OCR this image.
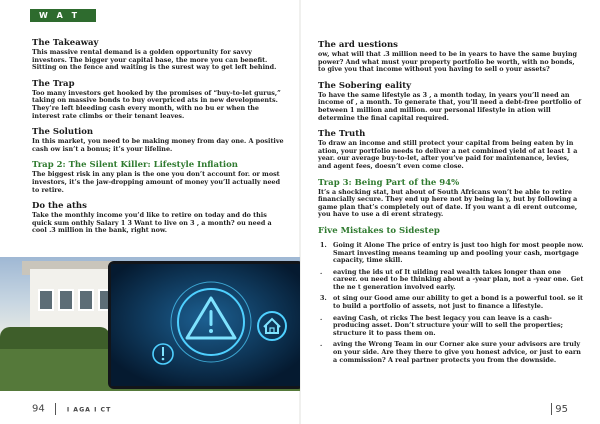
W A T
The Takeaway

This massive rental demand is a golden opportunity for savvy investors. The bigger your capital base, the more you can benefit. Sitting on the fence and waiting is the surest way to get left behind.

The Trap

Too many investors get hooked by the promises of “buy-to-let gurus,” taking on massive bonds to buy overpriced ats in new developments. They’re left bleeding cash every month, with no bu er when the interest rate climbs or their tenant leaves.

The Solution

In this market, you need to be making money from day one. A positive cash ow isn’t a bonus; it’s your lifeline.

Trap 2: The Silent Killer: Lifestyle Inflation

The biggest risk in any plan is the one you don’t account for. or most investors, it’s the jaw-dropping amount of money you’ll actually need to retire.

Do the aths

Take the monthly income you’d like to retire on today and do this quick sum onthly Salary 1 3 Want to live on 3 , a month? ou need a cool .3 million in the bank, right now.

94	I AGA I CT
The ard uestions

ow, what will that .3 million need to be in years to have the same buying power? And what must your property portfolio be worth, with no bonds, to give you that income without you having to sell o your assets?

The Sobering eality

To have the same lifestyle as 3 , a month today, in years you’ll need an income of , a month. To generate that, you’ll need a debt-free portfolio of between 1 million and million. our personal lifestyle in ation will determine the final capital required.

The Truth

To draw an income and still protect your capital from being eaten by in ation, your portfolio needs to deliver a net combined yield of at least 1 a year. our average buy-to-let, after you’ve paid for maintenance, levies, and agent fees, doesn’t even come close.

Trap 3: Being Part of the 94%

It’s a shocking stat, but about of South Africans won’t be able to retire financially secure. They end up here not by being la y, but by following a game plan that’s completely out of date. If you want a di erent outcome, you have to use a di erent strategy.

Five Mistakes to Sidestep
1. Going it Alone The price of entry is just too high for most people now. Smart investing means teaming up and pooling your cash, mortgage capacity, time skill.
.	eaving the ids ut of It uilding real wealth takes longer than one career. ou need to be thinking about a -year plan, not a -year one. Get the ne t generation involved early.
3. ot sing our Good ame our ability to get a bond is a powerful tool. se it to build a portfolio of assets, not just to finance a lifestyle.
.	eaving Cash, ot ricks The best legacy you can leave is a cash-producing asset. Don’t structure your will to sell the properties; structure it to pass them on.
.	aving the Wrong Team in our Corner ake sure your advisors are truly on your side. Are they there to give you honest advice, or just to earn a commission? A real partner protects you from the downside.
95
